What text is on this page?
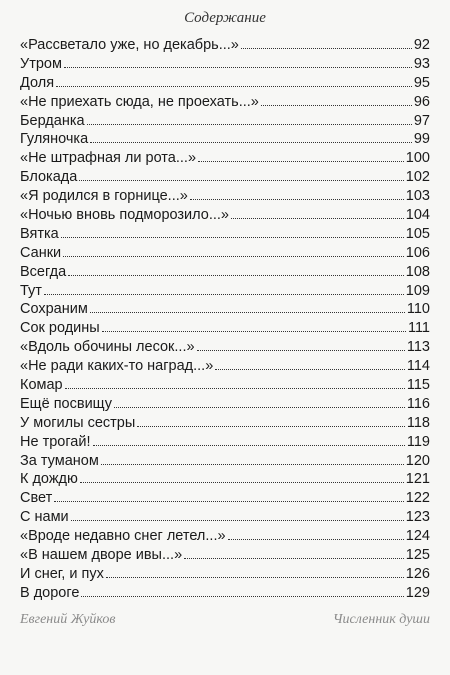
Содержание
«Рассветало уже, но декабрь...»	92
Утром	93
Доля	95
«Не приехать сюда, не проехать...»	96
Берданка	97
Гуляночка	99
«Не штрафная ли рота...»	100
Блокада	102
«Я родился в горнице...»	103
«Ночью вновь подморозило...»	104
Вятка	105
Санки	106
Всегда	108
Тут	109
Сохраним	110
Сок родины	111
«Вдоль обочины лесок...»	113
«Не ради каких-то наград...»	114
Комар	115
Ещё посвищу	116
У могилы сестры	118
Не трогай!	119
За туманом	120
К дождю	121
Свет	122
С нами	123
«Вроде недавно снег летел...»	124
«В нашем дворе ивы...»	125
И снег, и пух	126
В дороге	129
Евгений Жуйков	Численник души
